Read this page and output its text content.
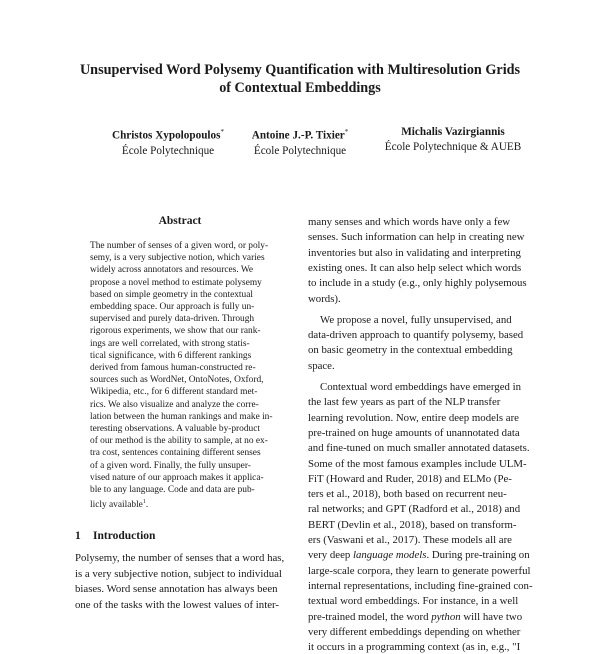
Unsupervised Word Polysemy Quantification with Multiresolution Grids
of Contextual Embeddings
Christos Xypolopoulos*
École Polytechnique
Antoine J.-P. Tixier*
École Polytechnique
Michalis Vazirgiannis
École Polytechnique & AUEB
Abstract
The number of senses of a given word, or poly-
semy, is a very subjective notion, which varies
widely across annotators and resources. We
propose a novel method to estimate polysemy
based on simple geometry in the contextual
embedding space. Our approach is fully un-
supervised and purely data-driven. Through
rigorous experiments, we show that our rank-
ings are well correlated, with strong statis-
tical significance, with 6 different rankings
derived from famous human-constructed re-
sources such as WordNet, OntoNotes, Oxford,
Wikipedia, etc., for 6 different standard met-
rics. We also visualize and analyze the corre-
lation between the human rankings and make in-
teresting observations. A valuable by-product
of our method is the ability to sample, at no ex-
tra cost, sentences containing different senses
of a given word. Finally, the fully unsuper-
vised nature of our approach makes it applica-
ble to any language. Code and data are pub-
licly available$^1$.
1 Introduction
Polysemy, the number of senses that a word has,
is a very subjective notion, subject to individual
biases. Word sense annotation has always been
one of the tasks with the lowest values of inter-
many senses and which words have only a few
senses. Such information can help in creating new
inventories but also in validating and interpreting
existing ones. It can also help select which words
to include in a study (e.g., only highly polysemous
words).
We propose a novel, fully unsupervised, and
data-driven approach to quantify polysemy, based
on basic geometry in the contextual embedding
space.
Contextual word embeddings have emerged in
the last few years as part of the NLP transfer
learning revolution. Now, entire deep models are
pre-trained on huge amounts of unannotated data
and fine-tuned on much smaller annotated datasets.
Some of the most famous examples include ULM-
FiT (Howard and Ruder, 2018) and ELMo (Pe-
ters et al., 2018), both based on recurrent neu-
ral networks; and GPT (Radford et al., 2018) and
BERT (Devlin et al., 2018), based on transform-
ers (Vaswani et al., 2017). These models all are
very deep language models. During pre-training on
large-scale corpora, they learn to generate powerful
internal representations, including fine-grained con-
textual word embeddings. For instance, in a well
pre-trained model, the word python will have two
very different embeddings depending on whether
it occurs in a programming context (as in, e.g., "I
